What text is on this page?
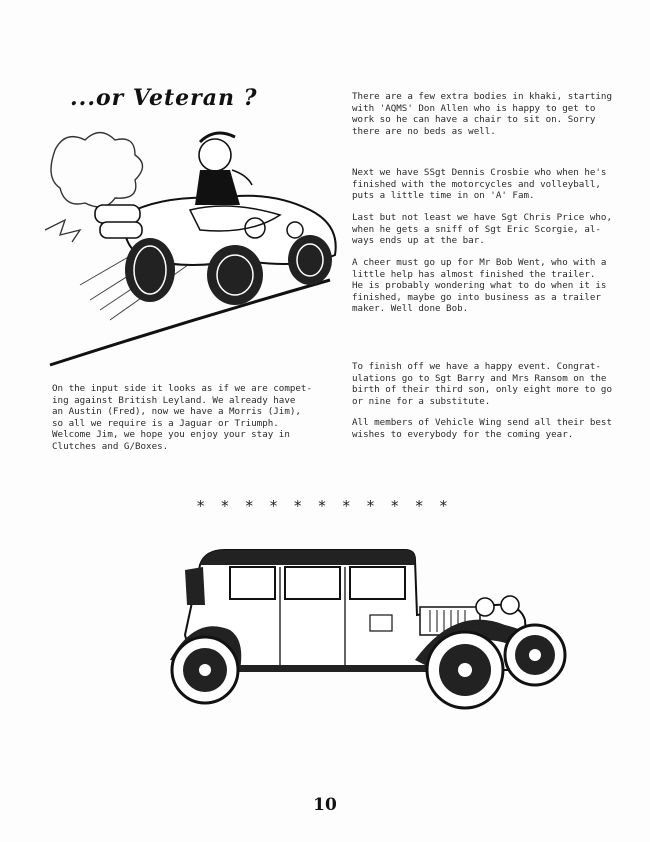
...or Veteran ?	There are a few extra bodies in khaki, starting
with 'AQMS' Don Allen who is happy to get to
work so he can have a chair to sit on. Sorry
there are no beds as well.

Next we have SSgt Dennis Crosbie who when he's
finished with the motorcycles and volleyball,
puts a little time in on 'A' Fam.

Last but not least we have Sgt Chris Price who,
when he gets a sniff of Sgt Eric Scorgie, al-
ways ends up at the bar.

A cheer must go up for Mr Bob Went, who with a
little help has almost finished the trailer.
He is probably wondering what to do when it is
finished, maybe go into business as a trailer
maker. Well done Bob.

To finish off we have a happy event. Congrat-
ulations go to Sgt Barry and Mrs Ransom on the
birth of their third son, only eight more to go
or nine for a substitute.

All members of Vehicle Wing send all their best
wishes to everybody for the coming year.

On the input side it looks as if we are compet-
ing against British Leyland. We already have
an Austin (Fred), now we have a Morris (Jim),
so all we require is a Jaguar or Triumph.
Welcome Jim, we hope you enjoy your stay in
Clutches and G/Boxes.

* * * * * * * * * * *
10
